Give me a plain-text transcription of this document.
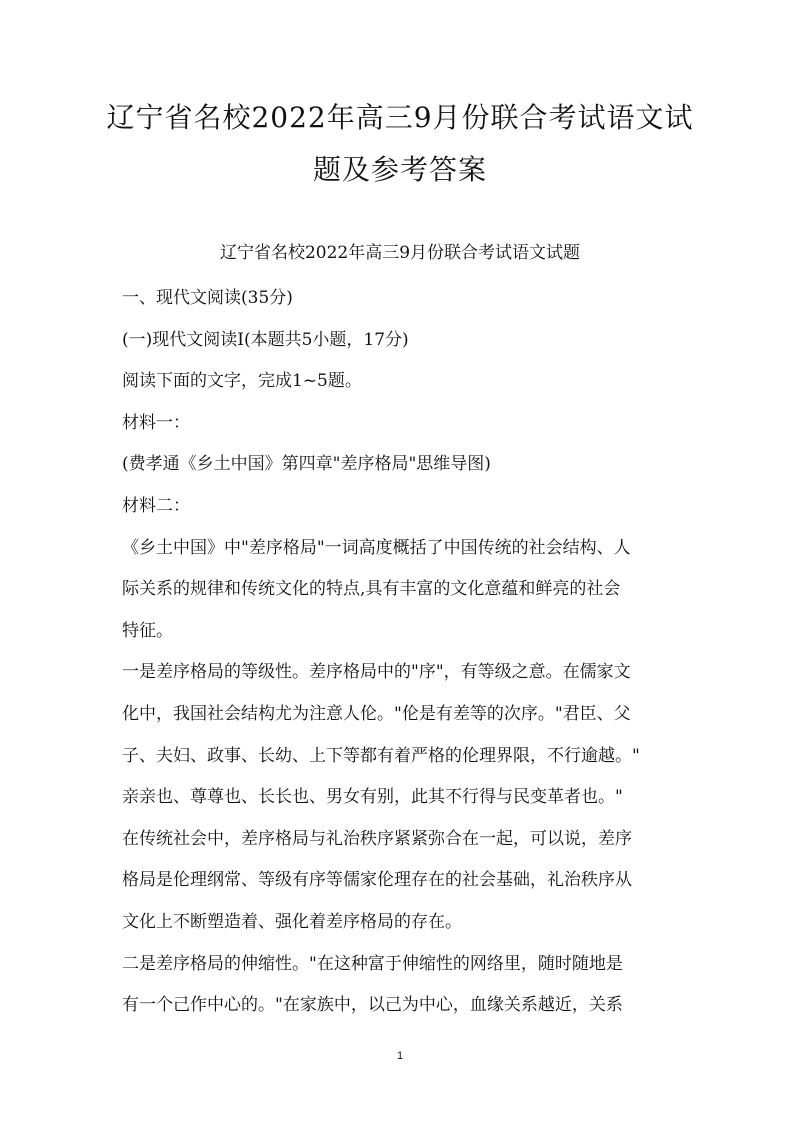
辽宁省名校2022年高三9月份联合考试语文试
题及参考答案
辽宁省名校2022年高三9月份联合考试语文试题
一、现代文阅读(35分)
(一)现代文阅读Ⅰ(本题共5小题，17分)
阅读下面的文字，完成1~5题。
材料一：
(费孝通《乡土中国》第四章"差序格局"思维导图)
材料二：
《乡土中国》中"差序格局"一词高度概括了中国传统的社会结构、人
际关系的规律和传统文化的特点,具有丰富的文化意蕴和鲜亮的社会
特征。
一是差序格局的等级性。差序格局中的"序"，有等级之意。在儒家文
化中，我国社会结构尤为注意人伦。"伦是有差等的次序。"君臣、父
子、夫妇、政事、长幼、上下等都有着严格的伦理界限，不行逾越。"
亲亲也、尊尊也、长长也、男女有别，此其不行得与民变革者也。"
在传统社会中，差序格局与礼治秩序紧紧弥合在一起，可以说，差序
格局是伦理纲常、等级有序等儒家伦理存在的社会基础，礼治秩序从
文化上不断塑造着、强化着差序格局的存在。
二是差序格局的伸缩性。"在这种富于伸缩性的网络里，随时随地是
有一个己作中心的。"在家族中，以己为中心，血缘关系越近，关系
1
